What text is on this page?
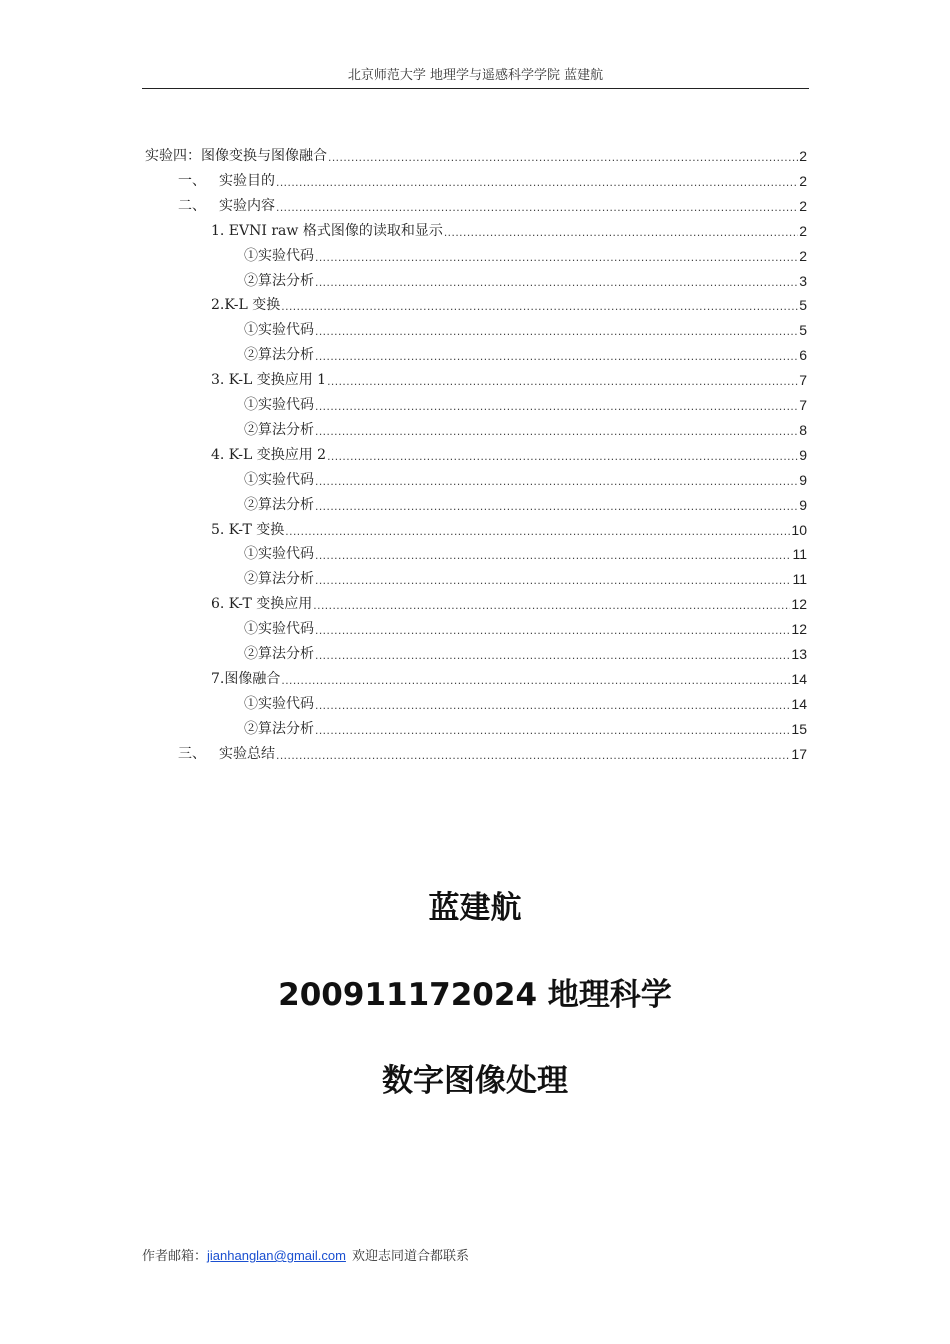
北京师范大学 地理学与遥感科学学院 蓝建航
实验四：图像变换与图像融合 .....	2
一、 实验目的 .....	2
二、 实验内容 .....	2
1. EVNI raw 格式图像的读取和显示 .....	2
①实验代码 .....	2
②算法分析 .....	3
2.K-L 变换 .....	5
①实验代码 .....	5
②算法分析 .....	6
3. K-L 变换应用 1 .....	7
①实验代码 .....	7
②算法分析 .....	8
4. K-L 变换应用 2 .....	9
①实验代码 .....	9
②算法分析 .....	9
5. K-T 变换 .....	10
①实验代码 .....	11
②算法分析 .....	11
6. K-T 变换应用 .....	12
①实验代码 .....	12
②算法分析 .....	13
7.图像融合 .....	14
①实验代码 .....	14
②算法分析 .....	15
三、 实验总结 .....	17
蓝建航
200911172024 地理科学
数字图像处理
作者邮箱：jianhanglan@gmail.com 欢迎志同道合都联系
